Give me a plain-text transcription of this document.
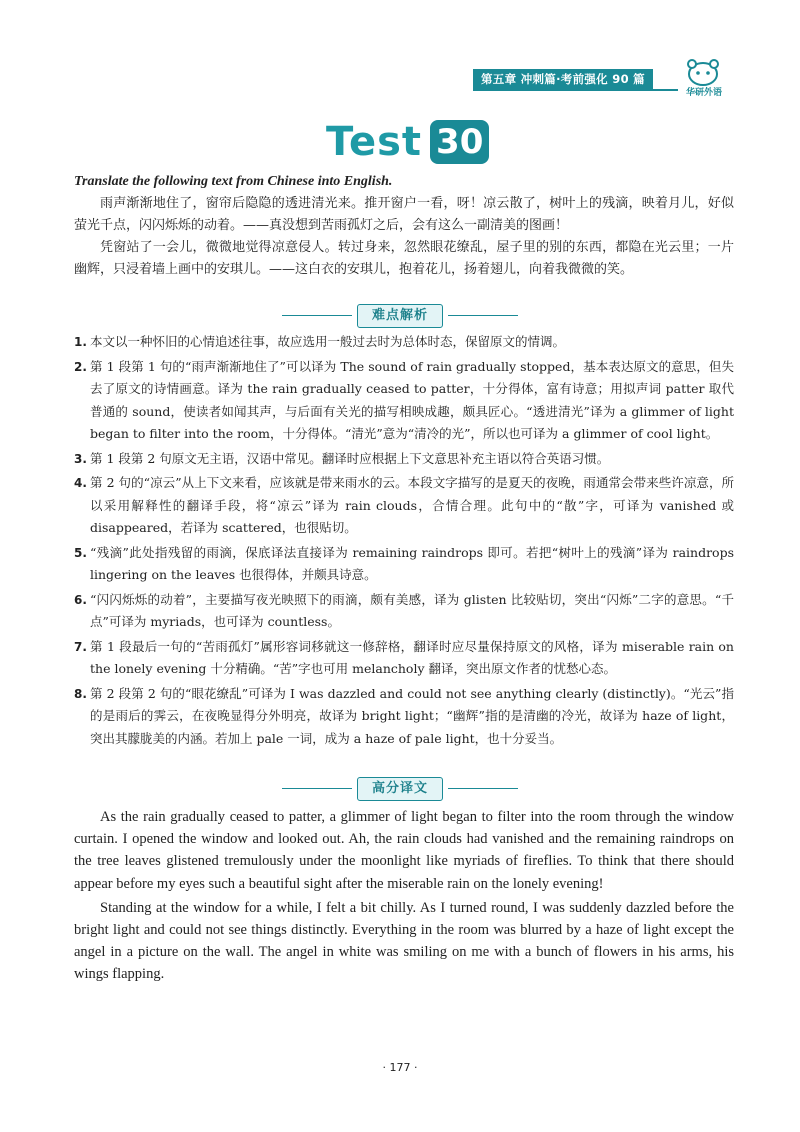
第五章 冲刺篇·考前强化 90 篇
华研外语
Test 30
Translate the following text from Chinese into English.

雨声渐渐地住了，窗帘后隐隐的透进清光来。推开窗户一看，呀！凉云散了，树叶上的残滴，映着月儿，好似萤光千点，闪闪烁烁的动着。——真没想到苦雨孤灯之后，会有这么一副清美的图画！

凭窗站了一会儿，微微地觉得凉意侵人。转过身来，忽然眼花缭乱，屋子里的别的东西，都隐在光云里；一片幽辉，只浸着墙上画中的安琪儿。——这白衣的安琪儿，抱着花儿，扬着翅儿，向着我微微的笑。

难点解析
1. 本文以一种怀旧的心情追述往事，故应选用一般过去时为总体时态，保留原文的情调。
2. 第 1 段第 1 句的“雨声渐渐地住了”可以译为 The sound of rain gradually stopped，基本表达原文的意思，但失去了原文的诗情画意。译为 the rain gradually ceased to patter，十分得体，富有诗意；用拟声词 patter 取代普通的 sound，使读者如闻其声，与后面有关光的描写相映成趣，颇具匠心。“透进清光”译为 a glimmer of light began to filter into the room，十分得体。“清光”意为“清冷的光”，所以也可译为 a glimmer of cool light。
3. 第 1 段第 2 句原文无主语，汉语中常见。翻译时应根据上下文意思补充主语以符合英语习惯。
4. 第 2 句的“凉云”从上下文来看，应该就是带来雨水的云。本段文字描写的是夏天的夜晚，雨通常会带来些许凉意，所以采用解释性的翻译手段，将“凉云”译为 rain clouds，合情合理。此句中的“散”字，可译为 vanished 或 disappeared，若译为 scattered，也很贴切。
5. “残滴”此处指残留的雨滴，保底译法直接译为 remaining raindrops 即可。若把“树叶上的残滴”译为 raindrops lingering on the leaves 也很得体，并颇具诗意。
6. “闪闪烁烁的动着”，主要描写夜光映照下的雨滴，颇有美感，译为 glisten 比较贴切，突出“闪烁”二字的意思。“千点”可译为 myriads，也可译为 countless。
7. 第 1 段最后一句的“苦雨孤灯”属形容词移就这一修辞格，翻译时应尽量保持原文的风格，译为 miserable rain on the lonely evening 十分精确。“苦”字也可用 melancholy 翻译，突出原文作者的忧愁心态。
8. 第 2 段第 2 句的“眼花缭乱”可译为 I was dazzled and could not see anything clearly (distinctly)。“光云”指的是雨后的霁云，在夜晚显得分外明亮，故译为 bright light；“幽辉”指的是清幽的冷光，故译为 haze of light，突出其朦胧美的内涵。若加上 pale 一词，成为 a haze of pale light，也十分妥当。
高分译文

As the rain gradually ceased to patter, a glimmer of light began to filter into the room through the window curtain. I opened the window and looked out. Ah, the rain clouds had vanished and the remaining raindrops on the tree leaves glistened tremulously under the moonlight like myriads of fireflies. To think that there should appear before my eyes such a beautiful sight after the miserable rain on the lonely evening!

Standing at the window for a while, I felt a bit chilly. As I turned round, I was suddenly dazzled before the bright light and could not see things distinctly. Everything in the room was blurred by a haze of light except the angel in a picture on the wall. The angel in white was smiling on me with a bunch of flowers in his arms, his wings flapping.

· 177 ·
